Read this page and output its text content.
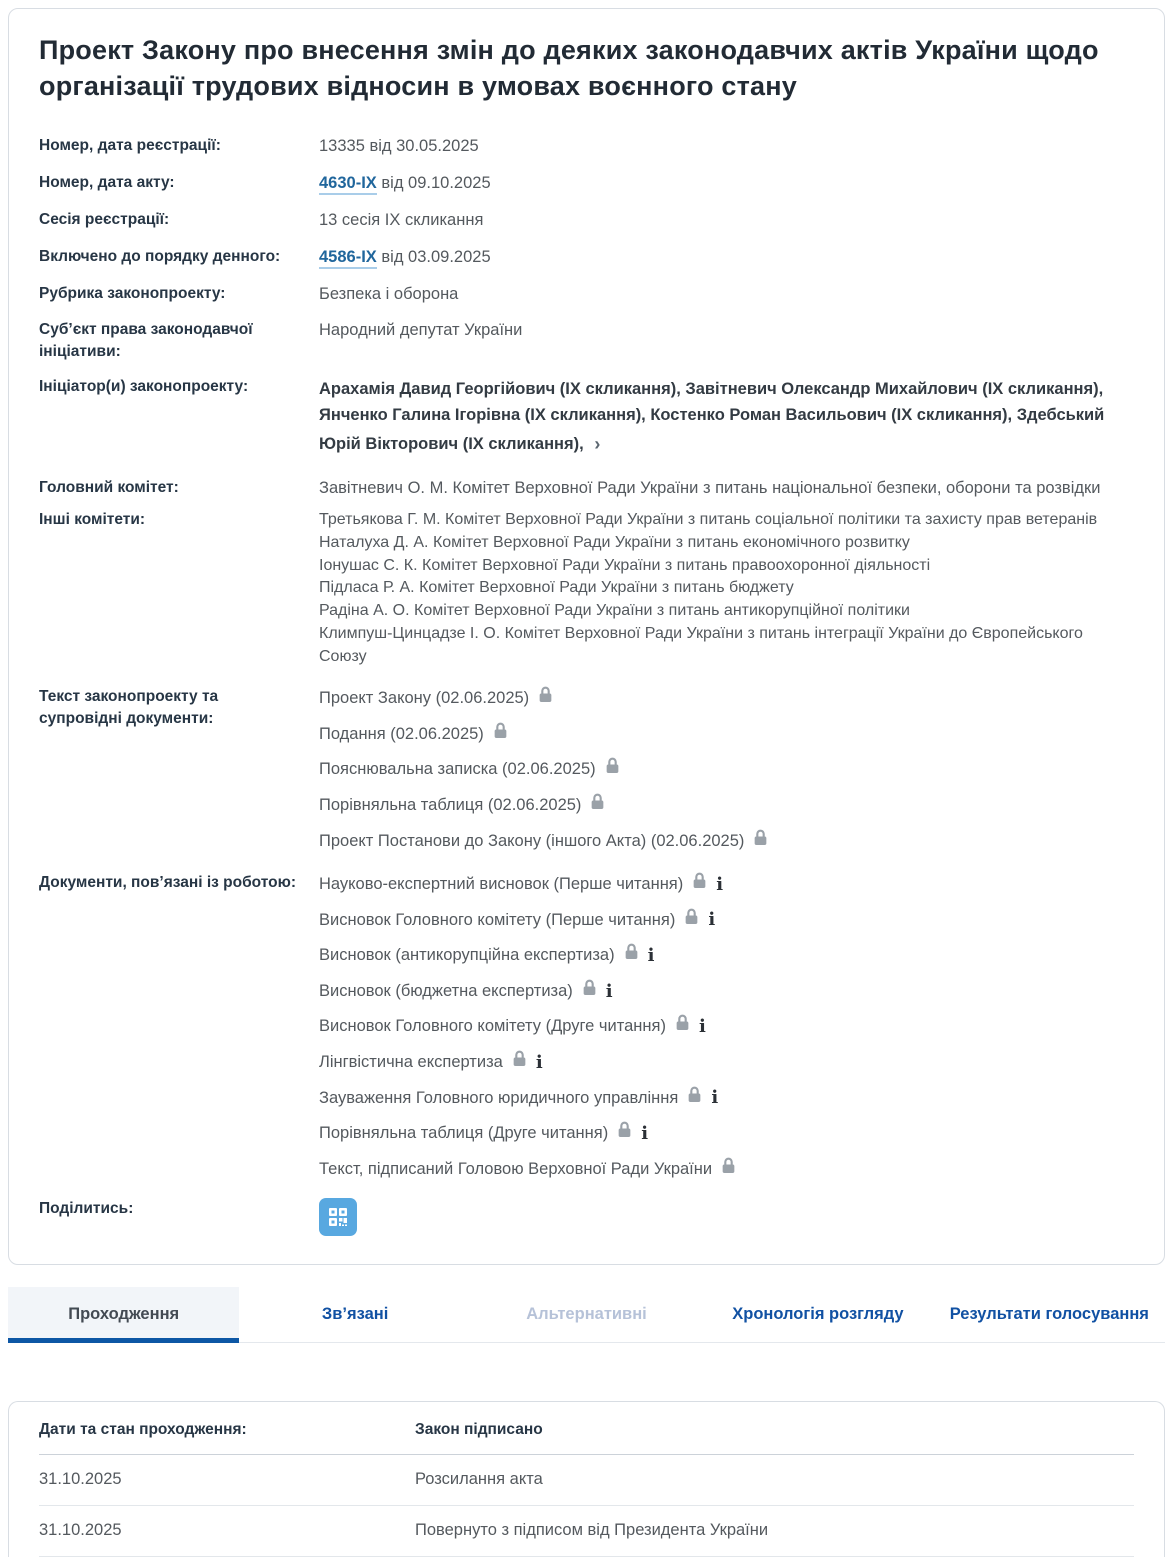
Проект Закону про внесення змін до деяких законодавчих актів України щодо організації трудових відносин в умовах воєнного стану
Номер, дата реєстрації:	13335 від 30.05.2025
Номер, дата акту:	4630-ІХ від 09.10.2025
Сесія реєстрації:	13 сесія ІХ скликання
Включено до порядку денного:	4586-ІХ від 03.09.2025
Рубрика законопроекту:	Безпека і оборона
Суб’єкт права законодавчої ініціативи:
Народний депутат України
Ініціатор(и) законопроекту:	Арахамія Давид Георгійович (ІХ скликання), Завітневич Олександр Михайлович (ІХ скликання), Янченко Галина Ігорівна (ІХ скликання), Костенко Роман Васильович (ІХ скликання), Здебський Юрій Вікторович (ІХ скликання), ›
Головний комітет:	Завітневич О. М. Комітет Верховної Ради України з питань національної безпеки, оборони та розвідки
Інші комітети:	Третьякова Г. М. Комітет Верховної Ради України з питань соціальної політики та захисту прав ветеранів
Наталуха Д. А. Комітет Верховної Ради України з питань економічного розвитку
Іонушас С. К. Комітет Верховної Ради України з питань правоохоронної діяльності
Підласа Р. А. Комітет Верховної Ради України з питань бюджету
Радіна А. О. Комітет Верховної Ради України з питань антикорупційної політики
Климпуш-Цинцадзе І. О. Комітет Верховної Ради України з питань інтеграції України до Європейського Союзу
Текст законопроекту та супровідні документи:
Проект Закону (02.06.2025)
Подання (02.06.2025)
Пояснювальна записка (02.06.2025)
Порівняльна таблиця (02.06.2025)
Проект Постанови до Закону (іншого Акта) (02.06.2025)
Документи, пов’язані із роботою:	Науково-експертний висновок (Перше читання) i
Висновок Головного комітету (Перше читання) i
Висновок (антикорупційна експертиза) i
Висновок (бюджетна експертиза) i
Висновок Головного комітету (Друге читання) i
Лінгвістична експертиза i
Зауваження Головного юридичного управління i
Порівняльна таблиця (Друге читання) i
Текст, підписаний Головою Верховної Ради України
Поділитись:
Проходження	Зв’язані	Альтернативні	Хронологія розгляду	Результати голосування
Дати та стан проходження:	Закон підписано
31.10.2025	Розсилання акта
31.10.2025	Повернуто з підписом від Президента України
